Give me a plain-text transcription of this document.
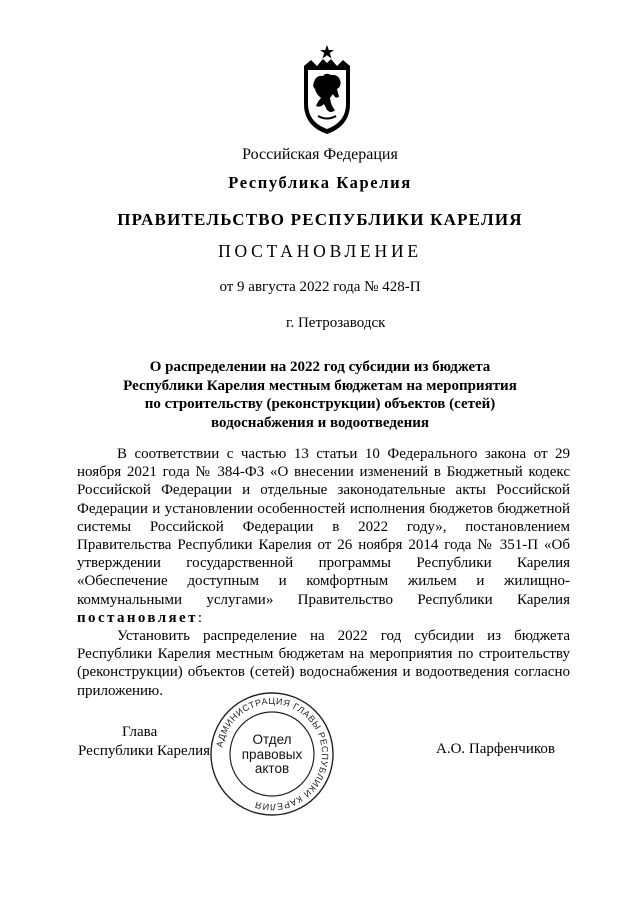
Российская Федерация
Республика Карелия
ПРАВИТЕЛЬСТВО РЕСПУБЛИКИ КАРЕЛИЯ
ПОСТАНОВЛЕНИЕ
от 9 августа 2022 года № 428-П
г. Петрозаводск
О распределении на 2022 год субсидии из бюджета
Республики Карелия местным бюджетам на мероприятия
по строительству (реконструкции) объектов (сетей)
водоснабжения и водоотведения

В соответствии с частью 13 статьи 10 Федерального закона от 29 ноября 2021 года № 384-ФЗ «О внесении изменений в Бюджетный кодекс Российской Федерации и отдельные законодательные акты Российской Федерации и установлении особенностей исполнения бюджетов бюджетной системы Российской Федерации в 2022 году», постановлением Правительства Республики Карелия от 26 ноября 2014 года № 351-П «Об утверждении государственной программы Республики Карелия «Обеспечение доступным и комфортным жильем и жилищно-коммунальными услугами» Правительство Республики Карелия постановляет:

Установить распределение на 2022 год субсидии из бюджета Республики Карелия местным бюджетам на мероприятия по строительству (реконструкции) объектов (сетей) водоснабжения и водоотведения согласно приложению.

АДМИНИСТРАЦИЯ ГЛАВЫ РЕСПУБЛИКИ КАРЕЛИЯ
Отдел
правовых
актов
Глава
Республики Карелия	А.О. Парфенчиков
